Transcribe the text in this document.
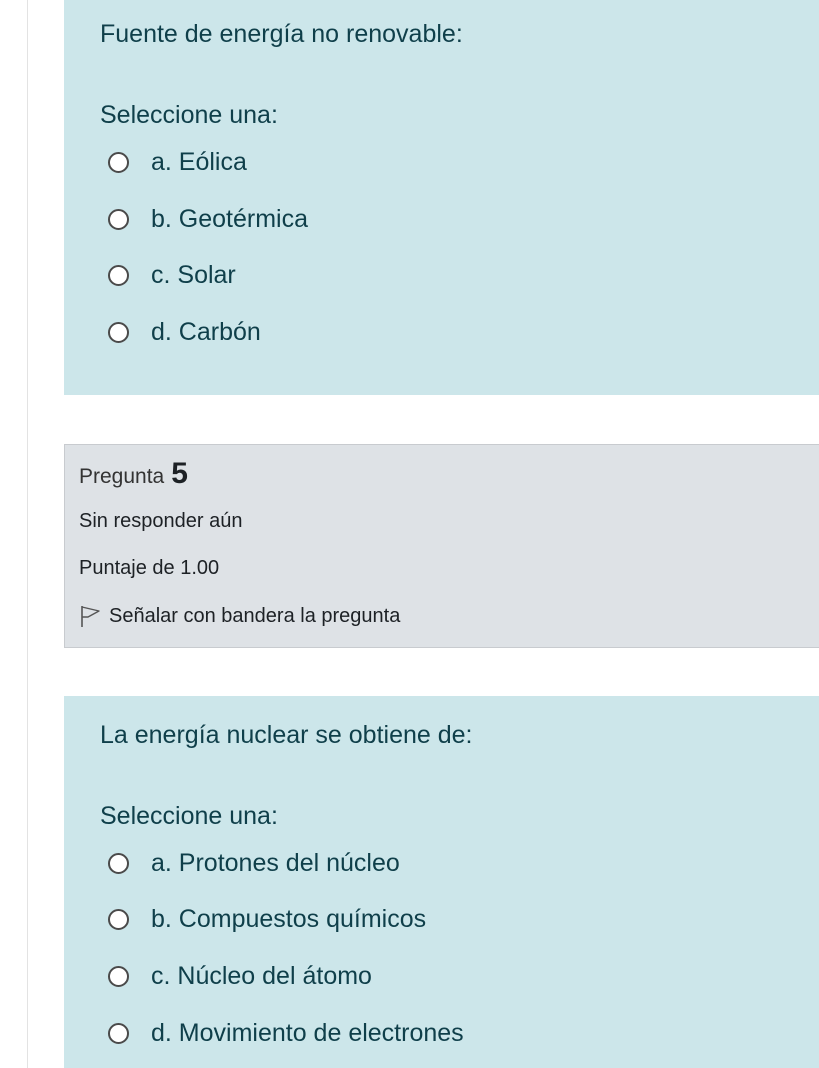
Fuente de energía no renovable:
Seleccione una:
a. Eólica
b. Geotérmica
c. Solar
d. Carbón
Pregunta 5
Sin responder aún
Puntaje de 1.00
Señalar con bandera la pregunta
La energía nuclear se obtiene de:
Seleccione una:
a. Protones del núcleo
b. Compuestos químicos
c. Núcleo del átomo
d. Movimiento de electrones
